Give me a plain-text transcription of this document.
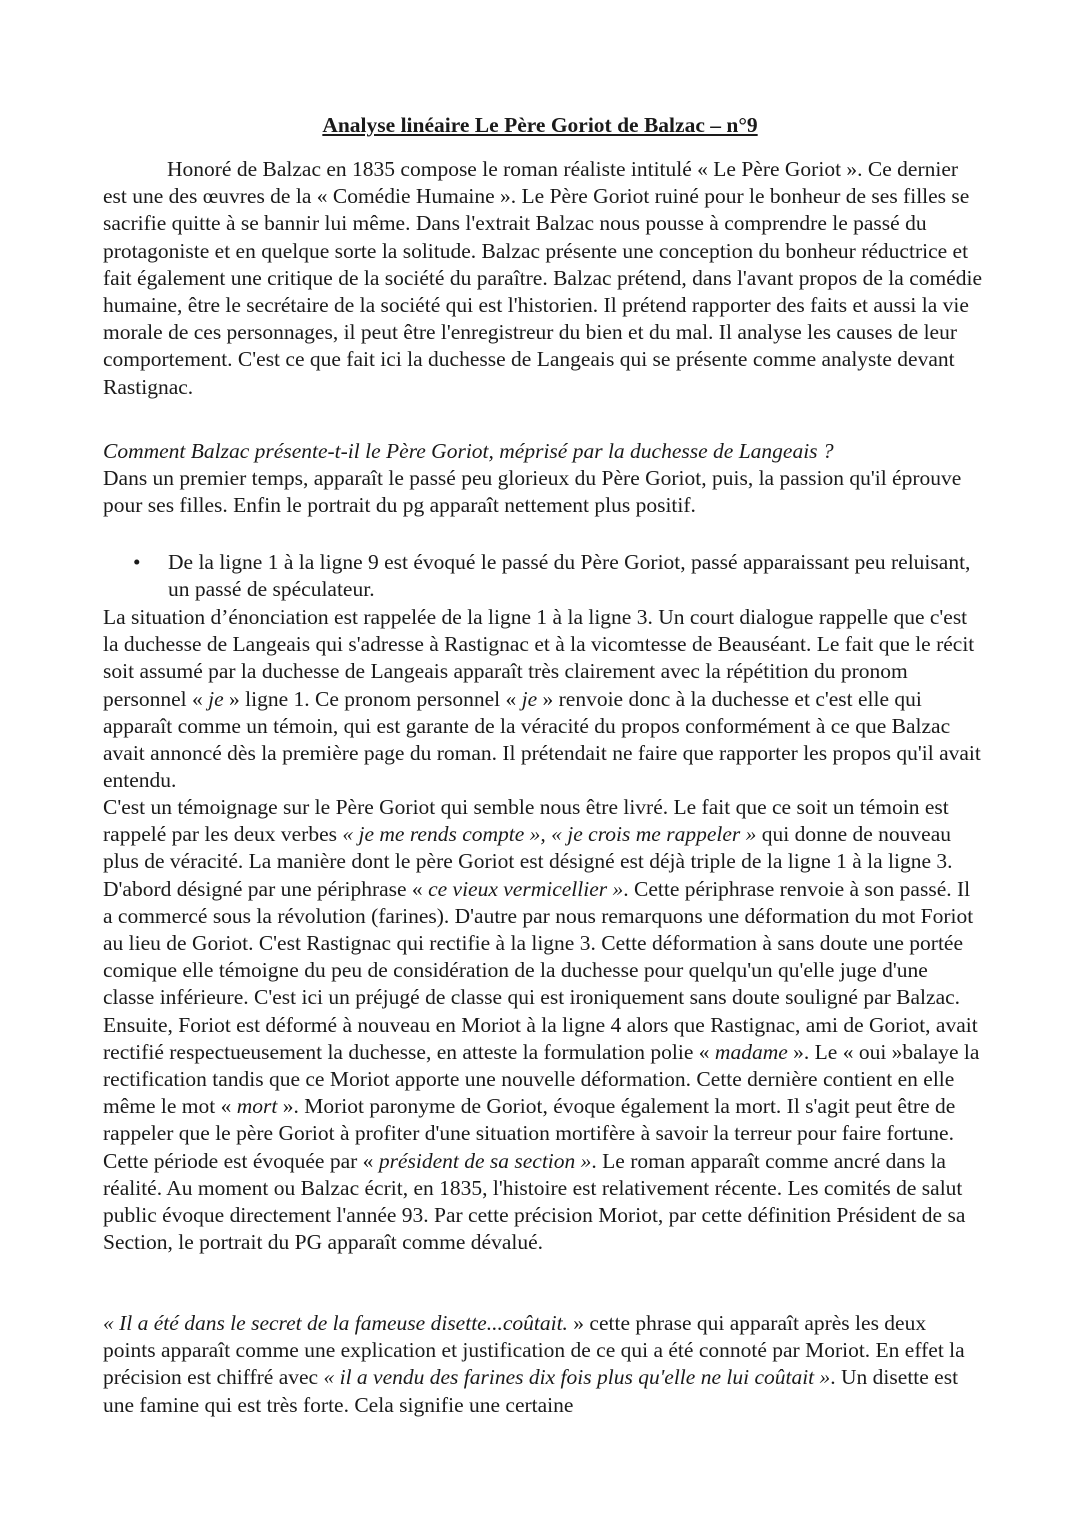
Analyse linéaire Le Père Goriot de Balzac – n°9

Honoré de Balzac en 1835 compose le roman réaliste intitulé « Le Père Goriot ». Ce dernier est une des œuvres de la « Comédie Humaine ». Le Père Goriot ruiné pour le bonheur de ses filles se sacrifie quitte à se bannir lui même. Dans l'extrait Balzac nous pousse à comprendre le passé du protagoniste et en quelque sorte la solitude. Balzac présente une conception du bonheur réductrice et fait également une critique de la société du paraître. Balzac prétend, dans l'avant propos de la comédie humaine, être le secrétaire de la société qui est l'historien. Il prétend rapporter des faits et aussi la vie morale de ces personnages, il peut être l'enregistreur du bien et du mal. Il analyse les causes de leur comportement. C'est ce que fait ici la duchesse de Langeais qui se présente comme analyste devant Rastignac.

Comment Balzac présente-t-il le Père Goriot, méprisé par la duchesse de Langeais ?

Dans un premier temps, apparaît le passé peu glorieux du Père Goriot, puis, la passion qu'il éprouve pour ses filles. Enfin le portrait du pg apparaît nettement plus positif.

• De la ligne 1 à la ligne 9 est évoqué le passé du Père Goriot, passé apparaissant peu reluisant, un passé de spéculateur.

La situation d’énonciation est rappelée de la ligne 1 à la ligne 3. Un court dialogue rappelle que c'est la duchesse de Langeais qui s'adresse à Rastignac et à la vicomtesse de Beauséant. Le fait que le récit soit assumé par la duchesse de Langeais apparaît très clairement avec la répétition du pronom personnel « je » ligne 1. Ce pronom personnel « je » renvoie donc à la duchesse et c'est elle qui apparaît comme un témoin, qui est garante de la véracité du propos conformément à ce que Balzac avait annoncé dès la première page du roman. Il prétendait ne faire que rapporter les propos qu'il avait entendu.

C'est un témoignage sur le Père Goriot qui semble nous être livré. Le fait que ce soit un témoin est rappelé par les deux verbes « je me rends compte », « je crois me rappeler » qui donne de nouveau plus de véracité. La manière dont le père Goriot est désigné est déjà triple de la ligne 1 à la ligne 3. D'abord désigné par une périphrase « ce vieux vermicellier ». Cette périphrase renvoie à son passé. Il a commercé sous la révolution (farines). D'autre par nous remarquons une déformation du mot Foriot au lieu de Goriot. C'est Rastignac qui rectifie à la ligne 3. Cette déformation à sans doute une portée comique elle témoigne du peu de considération de la duchesse pour quelqu'un qu'elle juge d'une classe inférieure. C'est ici un préjugé de classe qui est ironiquement sans doute souligné par Balzac. Ensuite, Foriot est déformé à nouveau en Moriot à la ligne 4 alors que Rastignac, ami de Goriot, avait rectifié respectueusement la duchesse, en atteste la formulation polie « madame ». Le « oui »balaye la rectification tandis que ce Moriot apporte une nouvelle déformation. Cette dernière contient en elle même le mot « mort ». Moriot paronyme de Goriot, évoque également la mort. Il s'agit peut être de rappeler que le père Goriot à profiter d'une situation mortifère à savoir la terreur pour faire fortune. Cette période est évoquée par « président de sa section ». Le roman apparaît comme ancré dans la réalité. Au moment ou Balzac écrit, en 1835, l'histoire est relativement récente. Les comités de salut public évoque directement l'année 93. Par cette précision Moriot, par cette définition Président de sa Section, le portrait du PG apparaît comme dévalué.

« Il a été dans le secret de la fameuse disette...coûtait. » cette phrase qui apparaît après les deux points apparaît comme une explication et justification de ce qui a été connoté par Moriot. En effet la précision est chiffré avec « il a vendu des farines dix fois plus qu'elle ne lui coûtait ». Un disette est une famine qui est très forte. Cela signifie une certaine
